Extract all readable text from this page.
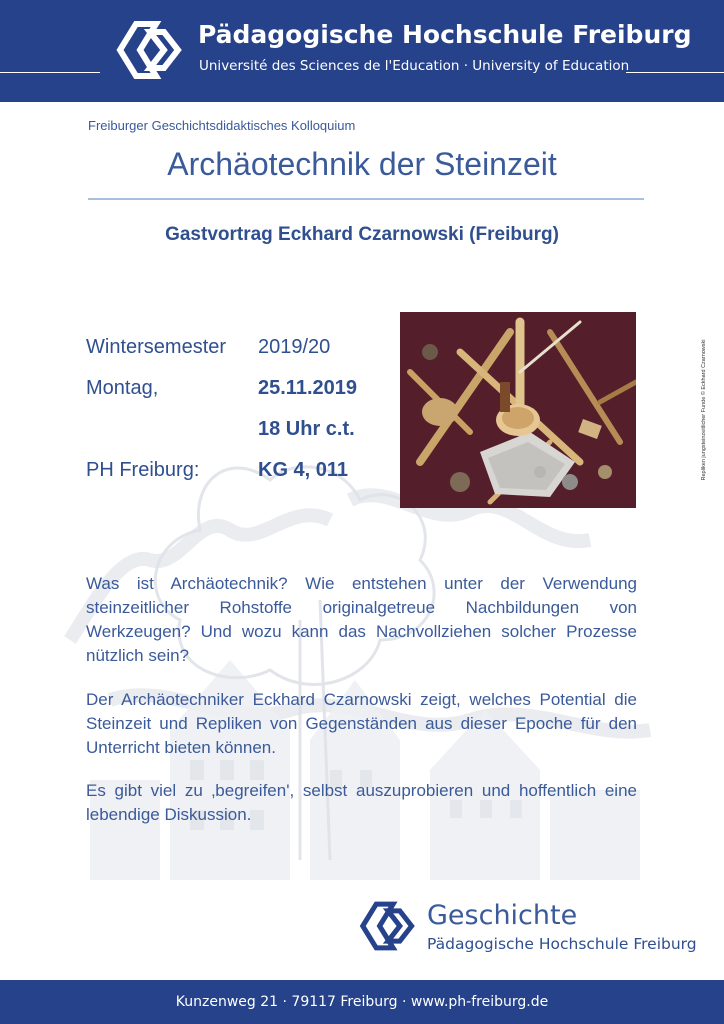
Pädagogische Hochschule Freiburg
Université des Sciences de l'Education · University of Education
Freiburger Geschichtsdidaktisches Kolloquium
Archäotechnik der Steinzeit
Gastvortrag Eckhard Czarnowski (Freiburg)
Wintersemester 2019/20
Montag,	25.11.2019
18 Uhr c.t.
PH Freiburg:	KG 4, 011	Repliken jungsteinzeitlicher Funde © Eckhard Czarnowski
Was ist Archäotechnik? Wie entstehen unter der Verwendung steinzeitlicher Rohstoffe originalgetreue Nachbildungen von Werkzeugen? Und wozu kann das Nachvollziehen solcher Prozesse nützlich sein?
Der Archäotechniker Eckhard Czarnowski zeigt, welches Potential die Steinzeit und Repliken von Gegenständen aus dieser Epoche für den Unterricht bieten können.
Es gibt viel zu ‚begreifen', selbst auszuprobieren und hoffentlich eine lebendige Diskussion.
Geschichte
Pädagogische Hochschule Freiburg
Kunzenweg 21 · 79117 Freiburg · www.ph-freiburg.de
